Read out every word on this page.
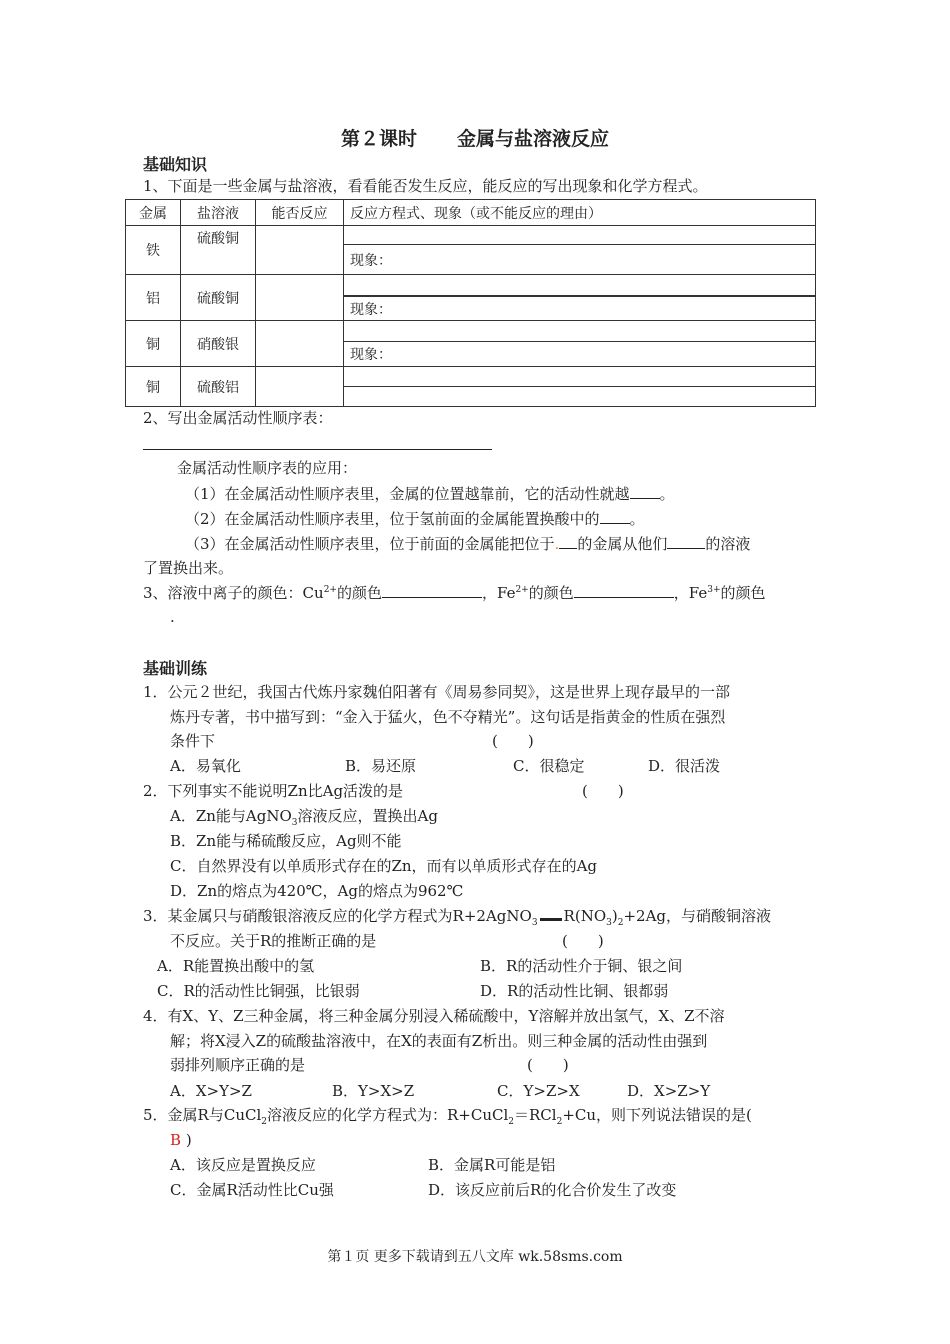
第２课时 金属与盐溶液反应
基础知识
1、下面是一些金属与盐溶液，看看能否发生反应，能反应的写出现象和化学方程式。
金属	盐溶液	能否反应	反应方程式、现象（或不能反应的理由）
铁	硫酸铜		
			现象：
铝	硫酸铜		

			现象：
铜	硝酸银		
			现象：
铜	硫酸铝		

2、写出金属活动性顺序表：
金属活动性顺序表的应用：
（1）在金属活动性顺序表里，金属的位置越靠前，它的活动性就越 。
（2）在金属活动性顺序表里，位于氢前面的金属能置换酸中的 。
（3）在金属活动性顺序表里，位于前面的金属能把位于. 的金属从他们	的溶液
了置换出来。
3、溶液中离子的颜色：$Cu^{2+}$的颜色	，$Fe^{2+}$的颜色	，$Fe^{3+}$的颜色
.
基础训练
1．公元２世纪，我国古代炼丹家魏伯阳著有《周易参同契》，这是世界上现存最早的一部
炼丹专著，书中描写到：“金入于猛火，色不夺精光”。这句话是指黄金的性质在强烈
条件下	(　　)
A．易氧化	B．易还原	C．很稳定	D．很活泼
2．下列事实不能说明Zn比Ag活泼的是	(　　)
A．Zn能与AgNO$_3$溶液反应，置换出Ag
B．Zn能与稀硫酸反应，Ag则不能
C．自然界没有以单质形式存在的Zn，而有以单质形式存在的Ag
D．Zn的熔点为420℃，Ag的熔点为962℃
3．某金属只与硝酸银溶液反应的化学方程式为R+2AgNO$_3$ $R(NO_3)_2+2Ag$，与硝酸铜溶液
不反应。关于R的推断正确的是	(　　)
A．R能置换出酸中的氢	B．R的活动性介于铜、银之间
C．R的活动性比铜强，比银弱	D．R的活动性比铜、银都弱
4．有X、Y、Z三种金属，将三种金属分别浸入稀硫酸中，Y溶解并放出氢气，X、Z不溶
解；将X浸入Z的硫酸盐溶液中，在X的表面有Z析出。则三种金属的活动性由强到
弱排列顺序正确的是	(　　)
A．X>Y>Z	B．Y>X>Z	C．Y>Z>X	D．X>Z>Y
5．金属R与CuCl$_2$溶液反应的化学方程式为：R+CuCl$_2$＝RCl$_2$+Cu，则下列说法错误的是(
B )
A．该反应是置换反应	B．金属R可能是铝
C．金属R活动性比Cu强	D．该反应前后R的化合价发生了改变
第１页 更多下载请到五八文库 wk.58sms.com
